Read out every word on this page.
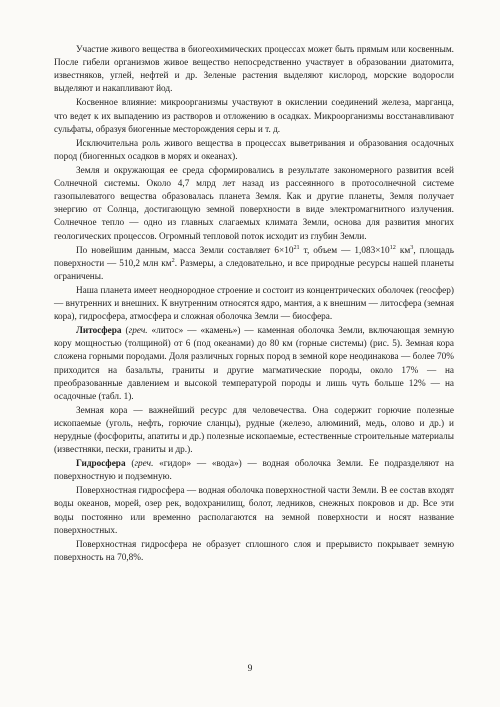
Участие живого вещества в биогеохимических процессах может быть прямым или косвенным. После гибели организмов живое вещество непосредственно участвует в образовании диатомита, известняков, углей, нефтей и др. Зеленые растения выделяют кислород, морские водоросли выделяют и накапливают йод.

Косвенное влияние: микроорганизмы участвуют в окислении соединений железа, марганца, что ведет к их выпадению из растворов и отложению в осадках. Микроорганизмы восстанавливают сульфаты, образуя биогенные месторождения серы и т. д.

Исключительна роль живого вещества в процессах выветривания и образования осадочных пород (биогенных осадков в морях и океанах).

Земля и окружающая ее среда сформировались в результате закономерного развития всей Солнечной системы. Около 4,7 млрд лет назад из рассеянного в протосолнечной системе газопылеватого вещества образовалась планета Земля. Как и другие планеты, Земля получает энергию от Солнца, достигающую земной поверхности в виде электромагнитного излучения. Солнечное тепло — одно из главных слагаемых климата Земли, основа для развития многих геологических процессов. Огромный тепловой поток исходит из глубин Земли.

По новейшим данным, масса Земли составляет $6\times 10^{21}$ т, объем — $1,083\times 10^{12}$ $км^3$, площадь поверхности — 510,2 млн $км^2$. Размеры, а следовательно, и все природные ресурсы нашей планеты ограничены.

Наша планета имеет неоднородное строение и состоит из концентрических оболочек (геосфер) — внутренних и внешних. К внутренним относятся ядро, мантия, а к внешним — литосфера (земная кора), гидросфера, атмосфера и сложная оболочка Земли — биосфера.

Литосфера (греч. «литос» — «камень») — каменная оболочка Земли, включающая земную кору мощностью (толщиной) от 6 (под океанами) до 80 км (горные системы) (рис. 5). Земная кора сложена горными породами. Доля различных горных пород в земной коре неодинакова — более 70% приходится на базальты, граниты и другие магматические породы, около 17% — на преобразованные давлением и высокой температурой породы и лишь чуть больше 12% — на осадочные (табл. 1).

Земная кора — важнейший ресурс для человечества. Она содержит горючие полезные ископаемые (уголь, нефть, горючие сланцы), рудные (железо, алюминий, медь, олово и др.) и нерудные (фосфориты, апатиты и др.) полезные ископаемые, естественные строительные материалы (известняки, пески, граниты и др.).

Гидросфера (греч. «гидор» — «вода») — водная оболочка Земли. Ее подразделяют на поверхностную и подземную.

Поверхностная гидросфера — водная оболочка поверхностной части Земли. В ее состав входят воды океанов, морей, озер рек, водохранилищ, болот, ледников, снежных покровов и др. Все эти воды постоянно или временно располагаются на земной поверхности и носят название поверхностных.

Поверхностная гидросфера не образует сплошного слоя и прерывисто покрывает земную поверхность на 70,8%.

9
